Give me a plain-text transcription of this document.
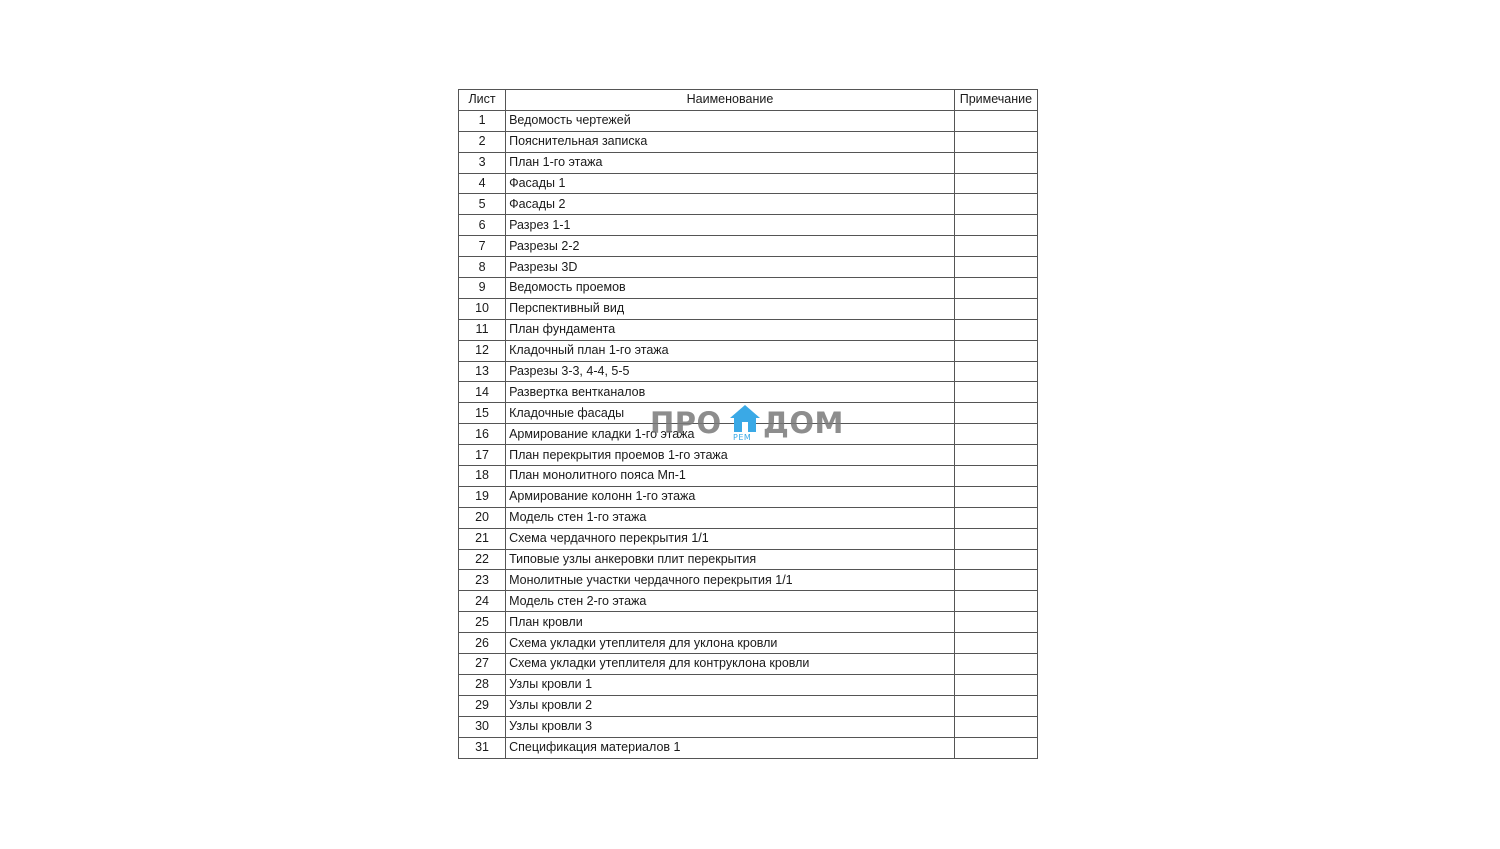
Лист	Наименование	Примечание
1	Ведомость чертежей	
2	Пояснительная записка	
3	План 1-го этажа	
4	Фасады 1	
5	Фасады 2	
6	Разрез 1-1	
7	Разрезы 2-2	
8	Разрезы 3D	
9	Ведомость проемов	
10	Перспективный вид	
11	План фундамента	
12	Кладочный план 1-го этажа	
13	Разрезы 3-3, 4-4, 5-5	
14	Развертка вентканалов	
15	Кладочные фасады	
16	Армирование кладки 1-го этажа	
17	План перекрытия проемов 1-го этажа	
18	План монолитного пояса Мп-1	
19	Армирование колонн 1-го этажа	
20	Модель стен 1-го этажа	
21	Схема чердачного перекрытия 1/1	
22	Типовые узлы анкеровки плит перекрытия	
23	Монолитные участки чердачного перекрытия 1/1	
24	Модель стен 2-го этажа	
25	План кровли	
26	Схема укладки утеплителя для уклона кровли	
27	Схема укладки утеплителя для контруклона кровли	
28	Узлы кровли 1	
29	Узлы кровли 2	
30	Узлы кровли 3	
31	Спецификация материалов 1	
ПРО РЕМ ДОМ
